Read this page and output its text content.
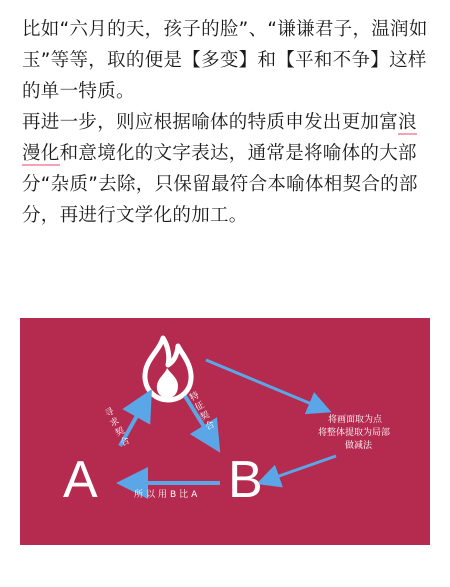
比如“六月的天，孩子的脸”、“谦谦君子，温润如玉”等等，取的便是【多变】和【平和不争】这样的单一特质。

再进一步，则应根据喻体的特质申发出更加富浪漫化和意境化的文字表达，通常是将喻体的大部分“杂质”去除，只保留最符合本喻体相契合的部分，再进行文学化的加工。

A	B
寻求契合	特征契合
所以用B比A
将画面取为点
将整体提取为局部
做减法
